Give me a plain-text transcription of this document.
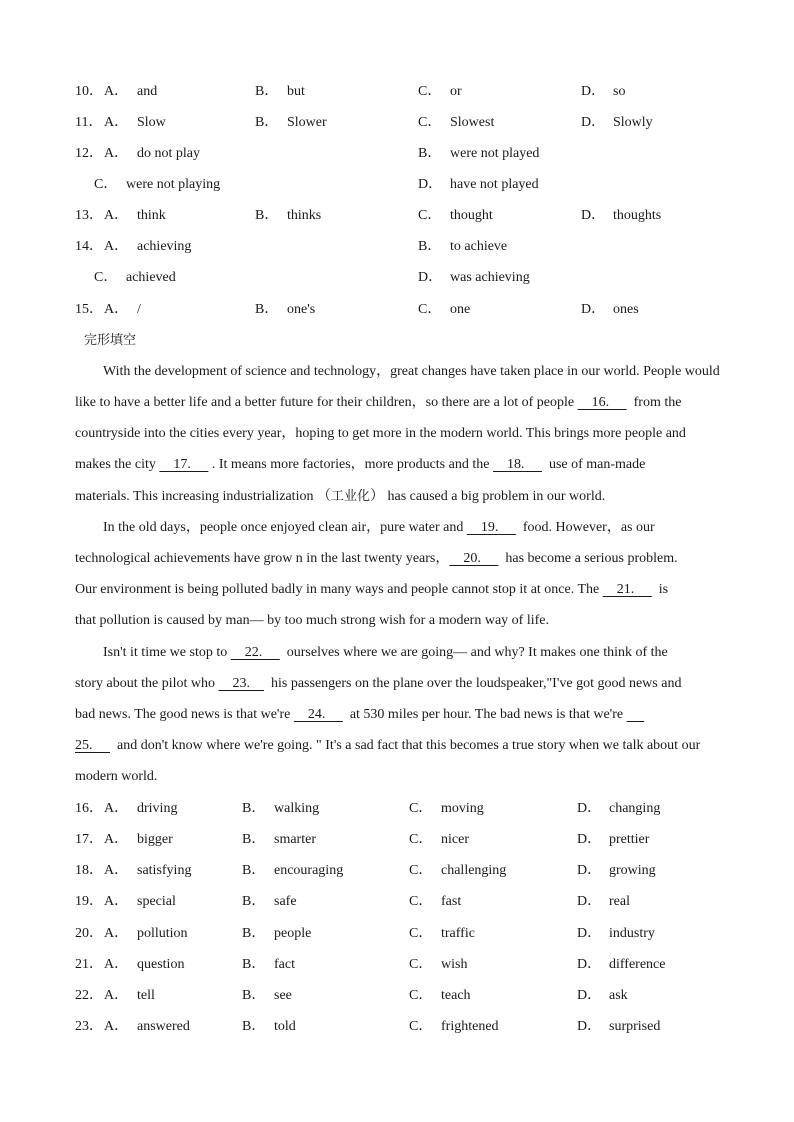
10． A． and	B． but	C． or	D． so
11． A． Slow	B． Slower	C． Slowest	D． Slowly
12． A． do not play	B． were not played
C． were not playing	D． have not played
13． A． think	B． thinks	C． thought	D． thoughts
14． A． achieving	B． to achieve
C． achieved	D． was achieving
15． A． /	B． one's	C． one	D． ones
完形填空
With the development of science and technology，great changes have taken place in our world. People would
like to have a better life and a better future for their children，so there are a lot of people     16.       from the
countryside into the cities every year，hoping to get more in the modern world. This brings more people and
makes the city     17.      . It means more factories，more products and the     18.       use of man-made
materials. This increasing industrialization （工业化） has caused a big problem in our world.
In the old days，people once enjoyed clean air，pure water and     19.       food. However，as our
technological achievements have grow n in the last twenty years，    20.       has become a serious problem.
Our environment is being polluted badly in many ways and people cannot stop it at once. The     21.       is
that pollution is caused by man— by too much strong wish for a modern way of life.
Isn't it time we stop to     22.       ourselves where we are going— and why? It makes one think of the
story about the pilot who     23.      his passengers on the plane over the loudspeaker,"I've got good news and
bad news. The good news is that we're     24.       at 530 miles per hour. The bad news is that we're
25.       and don't know where we're going. " It's a sad fact that this becomes a true story when we talk about our
modern world.
16． A． driving	B． walking	C． moving	D． changing
17． A． bigger	B． smarter	C． nicer	D． prettier
18． A． satisfying	B． encouraging	C． challenging	D． growing
19． A． special	B． safe	C． fast	D． real
20． A． pollution	B． people	C． traffic	D． industry
21． A． question	B． fact	C． wish	D． difference
22． A． tell	B． see	C． teach	D． ask
23． A． answered	B． told	C． frightened	D． surprised
